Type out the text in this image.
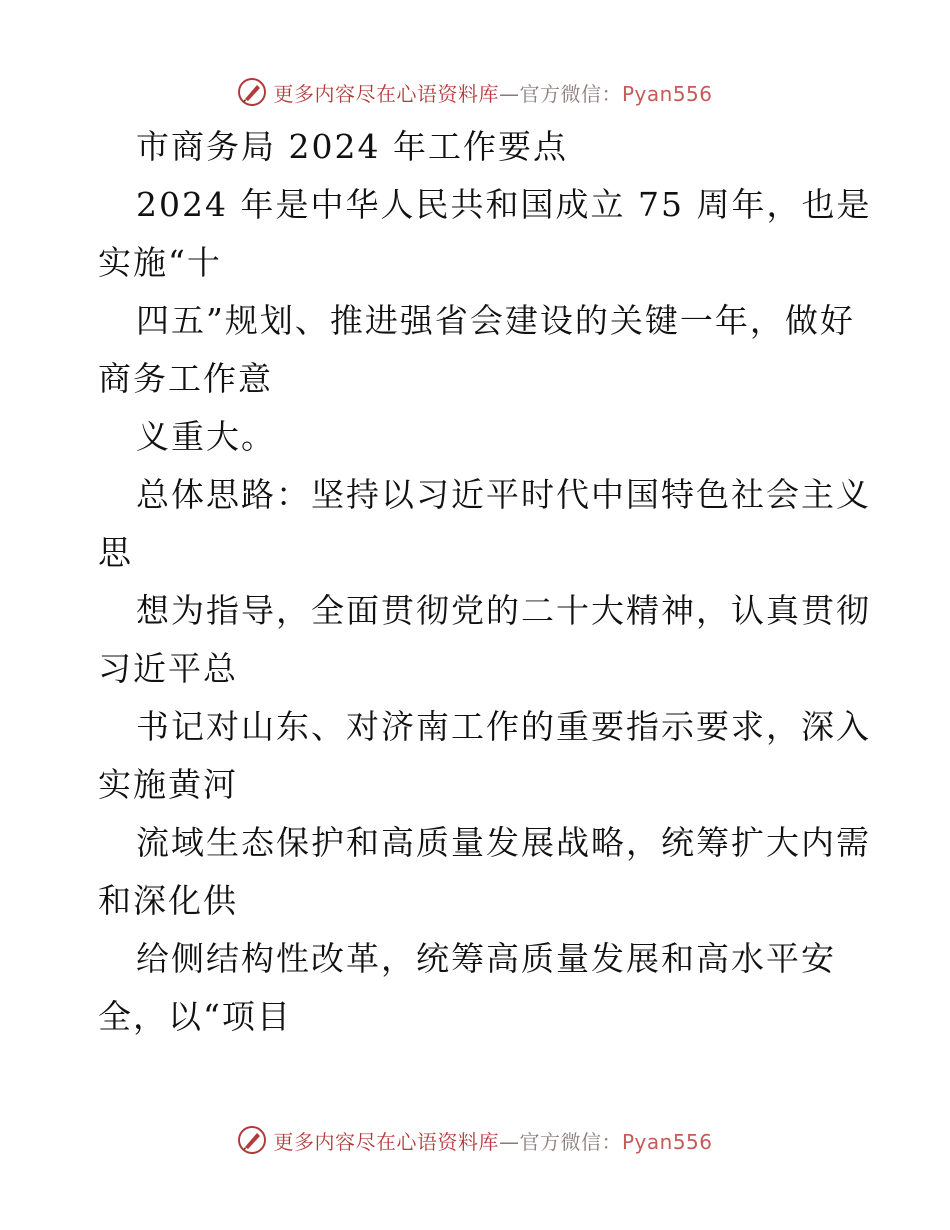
更多内容尽在心语资料库—官方微信：Pyan556
市商务局 2024 年工作要点
2024 年是中华人民共和国成立 75 周年，也是
实施“十
四五”规划、推进强省会建设的关键一年，做好
商务工作意
义重大。
总体思路：坚持以习近平时代中国特色社会主义
思
想为指导，全面贯彻党的二十大精神，认真贯彻
习近平总
书记对山东、对济南工作的重要指示要求，深入
实施黄河
流域生态保护和高质量发展战略，统筹扩大内需
和深化供
给侧结构性改革，统筹高质量发展和高水平安
全，以“项目
更多内容尽在心语资料库—官方微信：Pyan556
